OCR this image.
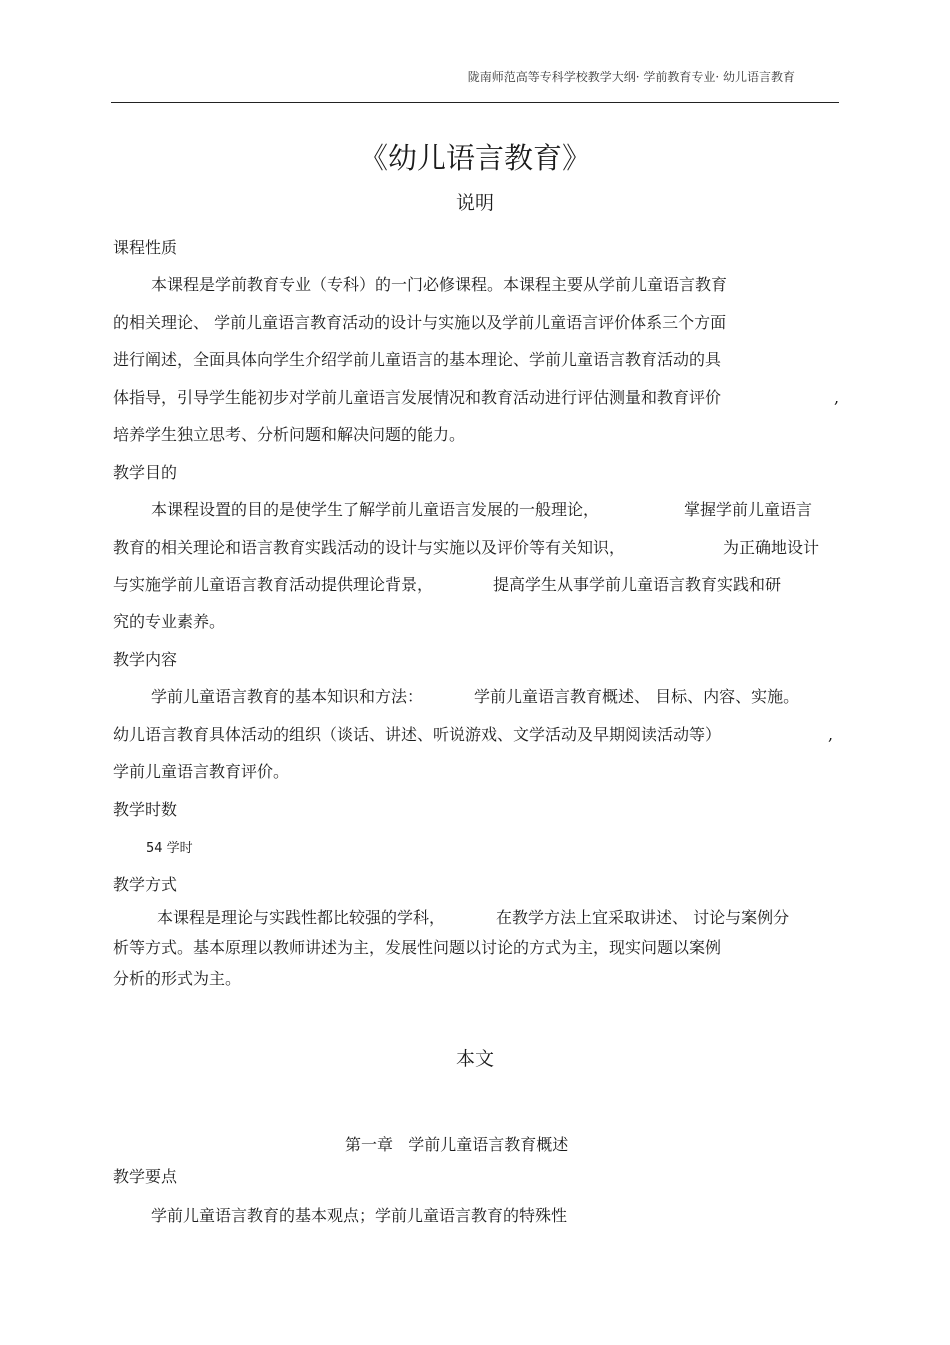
陇南师范高等专科学校教学大纲· 学前教育专业· 幼儿语言教育
《幼儿语言教育》
说明
课程性质
本课程是学前教育专业（专科）的一门必修课程。本课程主要从学前儿童语言教育
的相关理论、 学前儿童语言教育活动的设计与实施以及学前儿童语言评价体系三个方面
进行阐述，全面具体向学生介绍学前儿童语言的基本理论、学前儿童语言教育活动的具
体指导，引导学生能初步对学前儿童语言发展情况和教育活动进行评估测量和教育评价	,
培养学生独立思考、分析问题和解决问题的能力。
教学目的
本课程设置的目的是使学生了解学前儿童语言发展的一般理论，	掌握学前儿童语言
教育的相关理论和语言教育实践活动的设计与实施以及评价等有关知识，	为正确地设计
与实施学前儿童语言教育活动提供理论背景，	提高学生从事学前儿童语言教育实践和研
究的专业素养。
教学内容
学前儿童语言教育的基本知识和方法：	学前儿童语言教育概述、 目标、内容、实施。
幼儿语言教育具体活动的组织（谈话、讲述、听说游戏、文学活动及早期阅读活动等）	,
学前儿童语言教育评价。
教学时数
54 学时
教学方式
本课程是理论与实践性都比较强的学科，	在教学方法上宜采取讲述、 讨论与案例分
析等方式。基本原理以教师讲述为主，发展性问题以讨论的方式为主，现实问题以案例
分析的形式为主。
本文
第一章   学前儿童语言教育概述
教学要点
学前儿童语言教育的基本观点；学前儿童语言教育的特殊性
